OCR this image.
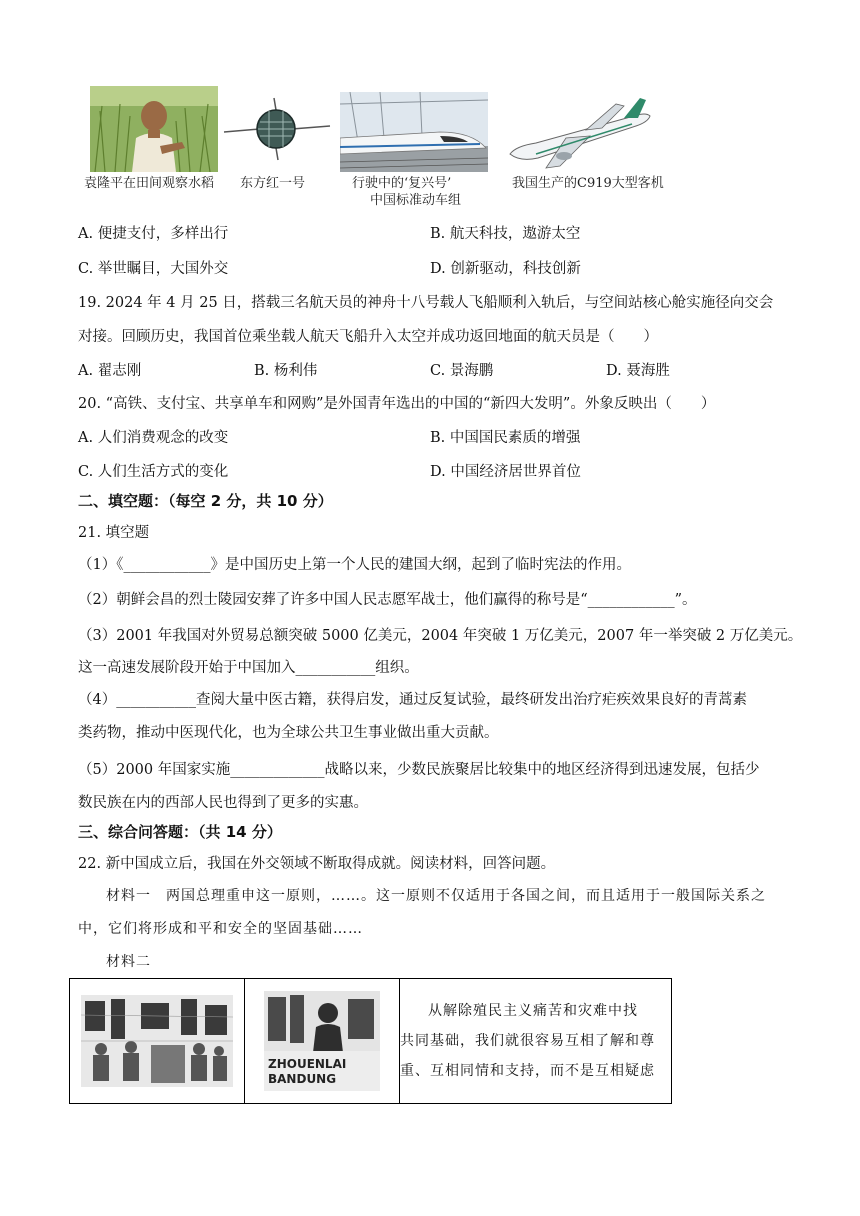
袁隆平在田间观察水稻 东方红一号	行驶中的‘复兴号’
中国标准动车组
我国生产的C919大型客机
A. 便捷支付，多样出行	B. 航天科技，遨游太空
C. 举世瞩目，大国外交	D. 创新驱动，科技创新
19. 2024 年 4 月 25 日，搭载三名航天员的神舟十八号载人飞船顺利入轨后，与空间站核心舱实施径向交会
对接。回顾历史，我国首位乘坐载人航天飞船升入太空并成功返回地面的航天员是（　　）
A. 翟志刚	B. 杨利伟	C. 景海鹏	D. 聂海胜
20. “高铁、支付宝、共享单车和网购”是外国青年选出的中国的“新四大发明”。外象反映出（　　）
A. 人们消费观念的改变	B. 中国国民素质的增强
C. 人们生活方式的变化	D. 中国经济居世界首位
二、填空题：（每空 2 分，共 10 分）
21. 填空题
（1）《____________》是中国历史上第一个人民的建国大纲，起到了临时宪法的作用。
（2）朝鲜会昌的烈士陵园安葬了许多中国人民志愿军战士，他们赢得的称号是“____________”。
（3）2001 年我国对外贸易总额突破 5000 亿美元，2004 年突破 1 万亿美元，2007 年一举突破 2 万亿美元。
这一高速发展阶段开始于中国加入___________组织。
（4）___________查阅大量中医古籍，获得启发，通过反复试验，最终研发出治疗疟疾效果良好的青蒿素
类药物，推动中医现代化，也为全球公共卫生事业做出重大贡献。
（5）2000 年国家实施_____________战略以来，少数民族聚居比较集中的地区经济得到迅速发展，包括少
数民族在内的西部人民也得到了更多的实惠。
三、综合问答题：（共 14 分）
22. 新中国成立后，我国在外交领域不断取得成就。阅读材料，回答问题。
材料一　两国总理重申这一原则，……。这一原则不仅适用于各国之间，而且适用于一般国际关系之
中，它们将形成和平和安全的坚固基础……
材料二

ZHOUENLAI
BANDUNG

从解除殖民主义痛苦和灾难中找
共同基础，我们就很容易互相了解和尊
重、互相同情和支持，而不是互相疑虑
